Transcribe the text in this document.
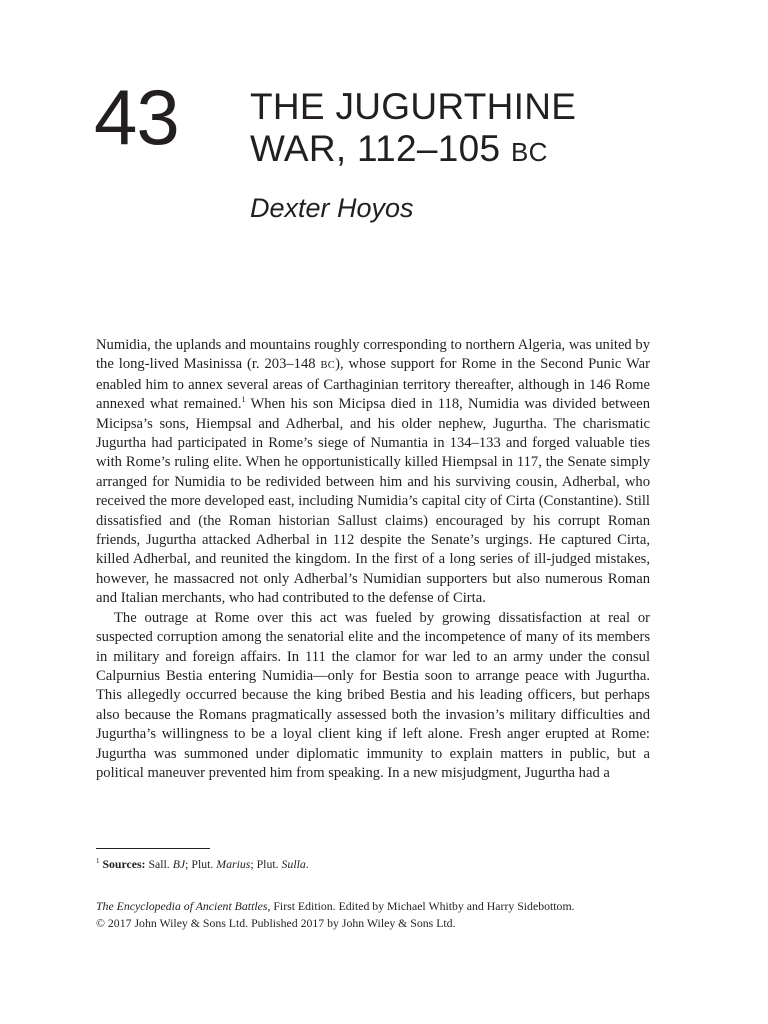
43 THE JUGURTHINE
WAR, 112–105 BC
Dexter Hoyos

Numidia, the uplands and mountains roughly corresponding to northern Algeria, was united by the long-lived Masinissa (r. 203–148 BC), whose support for Rome in the Second Punic War enabled him to annex several areas of Carthaginian territory thereafter, although in 146 Rome annexed what remained.$^1$ When his son Micipsa died in 118, Numidia was divided between Micipsa’s sons, Hiempsal and Adherbal, and his older nephew, Jugurtha. The charismatic Jugurtha had participated in Rome’s siege of Numantia in 134–133 and forged valuable ties with Rome’s ruling elite. When he opportunistically killed Hiempsal in 117, the Senate simply arranged for Numidia to be redivided between him and his surviving cousin, Adherbal, who received the more developed east, including Numidia’s capital city of Cirta (Constantine). Still dissatisfied and (the Roman historian Sallust claims) encouraged by his corrupt Roman friends, Jugurtha attacked Adherbal in 112 despite the Senate’s urgings. He captured Cirta, killed Adherbal, and reunited the kingdom. In the first of a long series of ill-judged mistakes, however, he massacred not only Adherbal’s Numidian supporters but also numerous Roman and Italian merchants, who had contributed to the defense of Cirta.

The outrage at Rome over this act was fueled by growing dissatisfaction at real or suspected corruption among the senatorial elite and the incompetence of many of its members in military and foreign affairs. In 111 the clamor for war led to an army under the consul Calpurnius Bestia entering Numidia—only for Bestia soon to arrange peace with Jugurtha. This allegedly occurred because the king bribed Bestia and his leading officers, but perhaps also because the Romans pragmatically assessed both the invasion’s military difficulties and Jugurtha’s willingness to be a loyal client king if left alone. Fresh anger erupted at Rome: Jugurtha was summoned under diplomatic immunity to explain matters in public, but a political maneuver prevented him from speaking. In a new misjudgment, Jugurtha had a

$^1$ Sources: Sall. BJ; Plut. Marius; Plut. Sulla.
The Encyclopedia of Ancient Battles, First Edition. Edited by Michael Whitby and Harry Sidebottom.
© 2017 John Wiley & Sons Ltd. Published 2017 by John Wiley & Sons Ltd.
